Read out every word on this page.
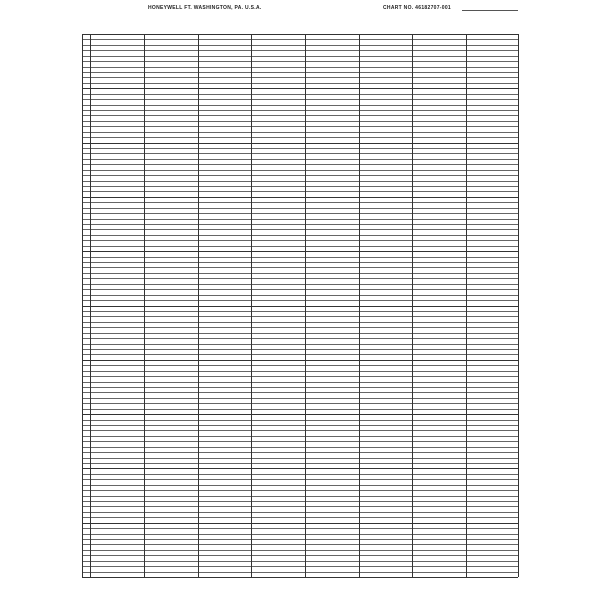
HONEYWELL FT. WASHINGTON, PA. U.S.A.	CHART NO. 46182707-001
